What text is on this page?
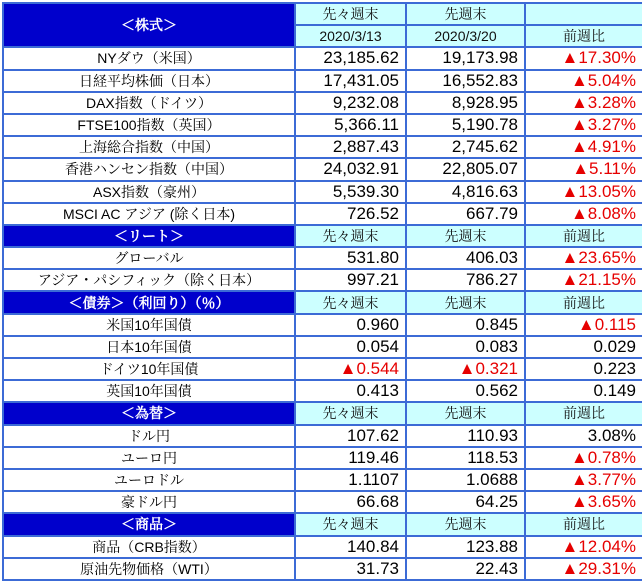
＜株式＞	先々週末	先週末	
	2020/3/13	2020/3/20	前週比
NYダウ（米国）	23,185.62	19,173.98	▲17.30%
日経平均株価（日本）	17,431.05	16,552.83	▲5.04%
DAX指数（ドイツ）	9,232.08	8,928.95	▲3.28%
FTSE100指数（英国）	5,366.11	5,190.78	▲3.27%
上海総合指数（中国）	2,887.43	2,745.62	▲4.91%
香港ハンセン指数（中国）	24,032.91	22,805.07	▲5.11%
ASX指数（豪州）	5,539.30	4,816.63	▲13.05%
MSCI AC アジア (除く日本)	726.52	667.79	▲8.08%
＜リート＞	先々週末	先週末	前週比
グローバル	531.80	406.03	▲23.65%
アジア・パシフィック（除く日本）	997.21	786.27	▲21.15%
＜債券＞（利回り）（％）	先々週末	先週末	前週比
米国10年国債	0.960	0.845	▲0.115
日本10年国債	0.054	0.083	0.029
ドイツ10年国債	▲0.544	▲0.321	0.223
英国10年国債	0.413	0.562	0.149
＜為替＞	先々週末	先週末	前週比
ドル円	107.62	110.93	3.08%
ユーロ円	119.46	118.53	▲0.78%
ユーロドル	1.1107	1.0688	▲3.77%
豪ドル円	66.68	64.25	▲3.65%
＜商品＞	先々週末	先週末	前週比
商品（CRB指数）	140.84	123.88	▲12.04%
原油先物価格（WTI）	31.73	22.43	▲29.31%
